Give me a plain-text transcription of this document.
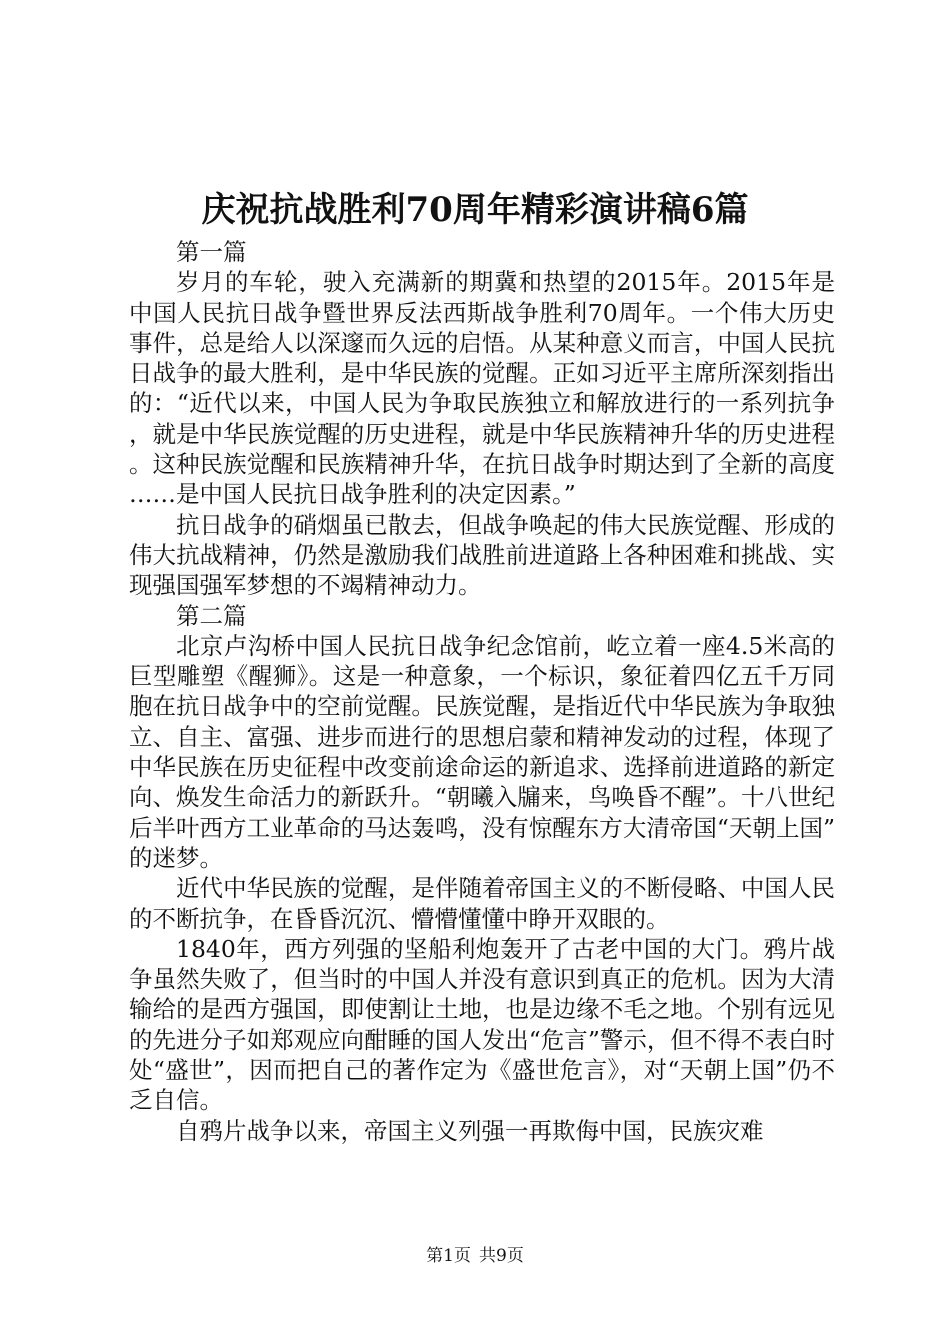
庆祝抗战胜利70周年精彩演讲稿6篇

第一篇

岁月的车轮，驶入充满新的期冀和热望的2015年。2015年是中国人民抗日战争暨世界反法西斯战争胜利70周年。一个伟大历史事件，总是给人以深邃而久远的启悟。从某种意义而言，中国人民抗日战争的最大胜利，是中华民族的觉醒。正如习近平主席所深刻指出的：“近代以来，中国人民为争取民族独立和解放进行的一系列抗争，就是中华民族觉醒的历史进程，就是中华民族精神升华的历史进程。这种民族觉醒和民族精神升华，在抗日战争时期达到了全新的高度……是中国人民抗日战争胜利的决定因素。”

抗日战争的硝烟虽已散去，但战争唤起的伟大民族觉醒、形成的伟大抗战精神，仍然是激励我们战胜前进道路上各种困难和挑战、实现强国强军梦想的不竭精神动力。

第二篇

北京卢沟桥中国人民抗日战争纪念馆前，屹立着一座4.5米高的巨型雕塑《醒狮》。这是一种意象，一个标识，象征着四亿五千万同胞在抗日战争中的空前觉醒。民族觉醒，是指近代中华民族为争取独立、自主、富强、进步而进行的思想启蒙和精神发动的过程，体现了中华民族在历史征程中改变前途命运的新追求、选择前进道路的新定向、焕发生命活力的新跃升。“朝曦入牖来，鸟唤昏不醒”。十八世纪后半叶西方工业革命的马达轰鸣，没有惊醒东方大清帝国“天朝上国”的迷梦。

近代中华民族的觉醒，是伴随着帝国主义的不断侵略、中国人民的不断抗争，在昏昏沉沉、懵懵懂懂中睁开双眼的。

1840年，西方列强的坚船利炮轰开了古老中国的大门。鸦片战争虽然失败了，但当时的中国人并没有意识到真正的危机。因为大清输给的是西方强国，即使割让土地，也是边缘不毛之地。个别有远见的先进分子如郑观应向酣睡的国人发出“危言”警示，但不得不表白时处“盛世”，因而把自己的著作定为《盛世危言》，对“天朝上国”仍不乏自信。

自鸦片战争以来，帝国主义列强一再欺侮中国，民族灾难

第1页 共9页
